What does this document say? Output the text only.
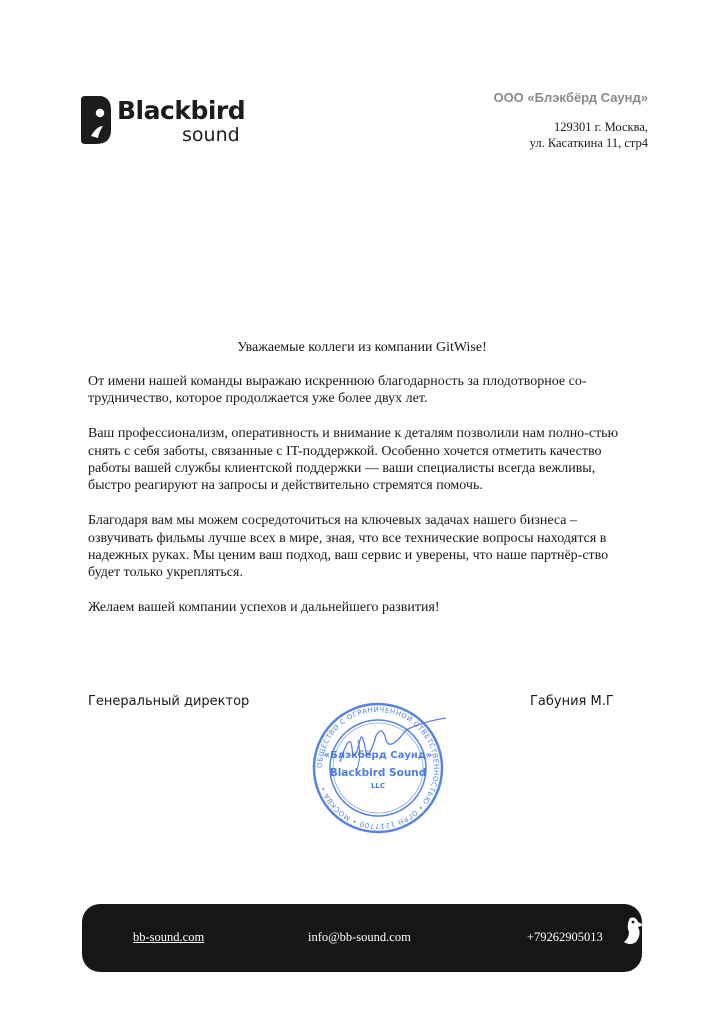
Blackbird
sound
ООО «Блэкбёрд Саунд»
129301 г. Москва,
ул. Касаткина 11, стр4
Уважаемые коллеги из компании GitWise!

От имени нашей команды выражаю искреннюю благодарность за плодотворное со-трудничество, которое продолжается уже более двух лет.

Ваш профессионализм, оперативность и внимание к деталям позволили нам полно-стью снять с себя заботы, связанные с IT-поддержкой. Особенно хочется отметить качество работы вашей службы клиентской поддержки — ваши специалисты всегда вежливы, быстро реагируют на запросы и действительно стремятся помочь.

Благодаря вам мы можем сосредоточиться на ключевых задачах нашего бизнеса – озвучивать фильмы лучше всех в мире, зная, что все технические вопросы находятся в надежных руках. Мы ценим ваш подход, ваш сервис и уверены, что наше партнёр-ство будет только укрепляться.

Желаем вашей компании успехов и дальнейшего развития!

Генеральный директор	Габуния М.Г
ОБЩЕСТВО С ОГРАНИЧЕННОЙ ОТВЕТСТВЕННОСТЬЮ • ОГРН 1217700 • МОСКВА •
«Блэкбёрд Саунд»
Blackbird Sound
LLC
bb-sound.com	info@bb-sound.com	+79262905013
